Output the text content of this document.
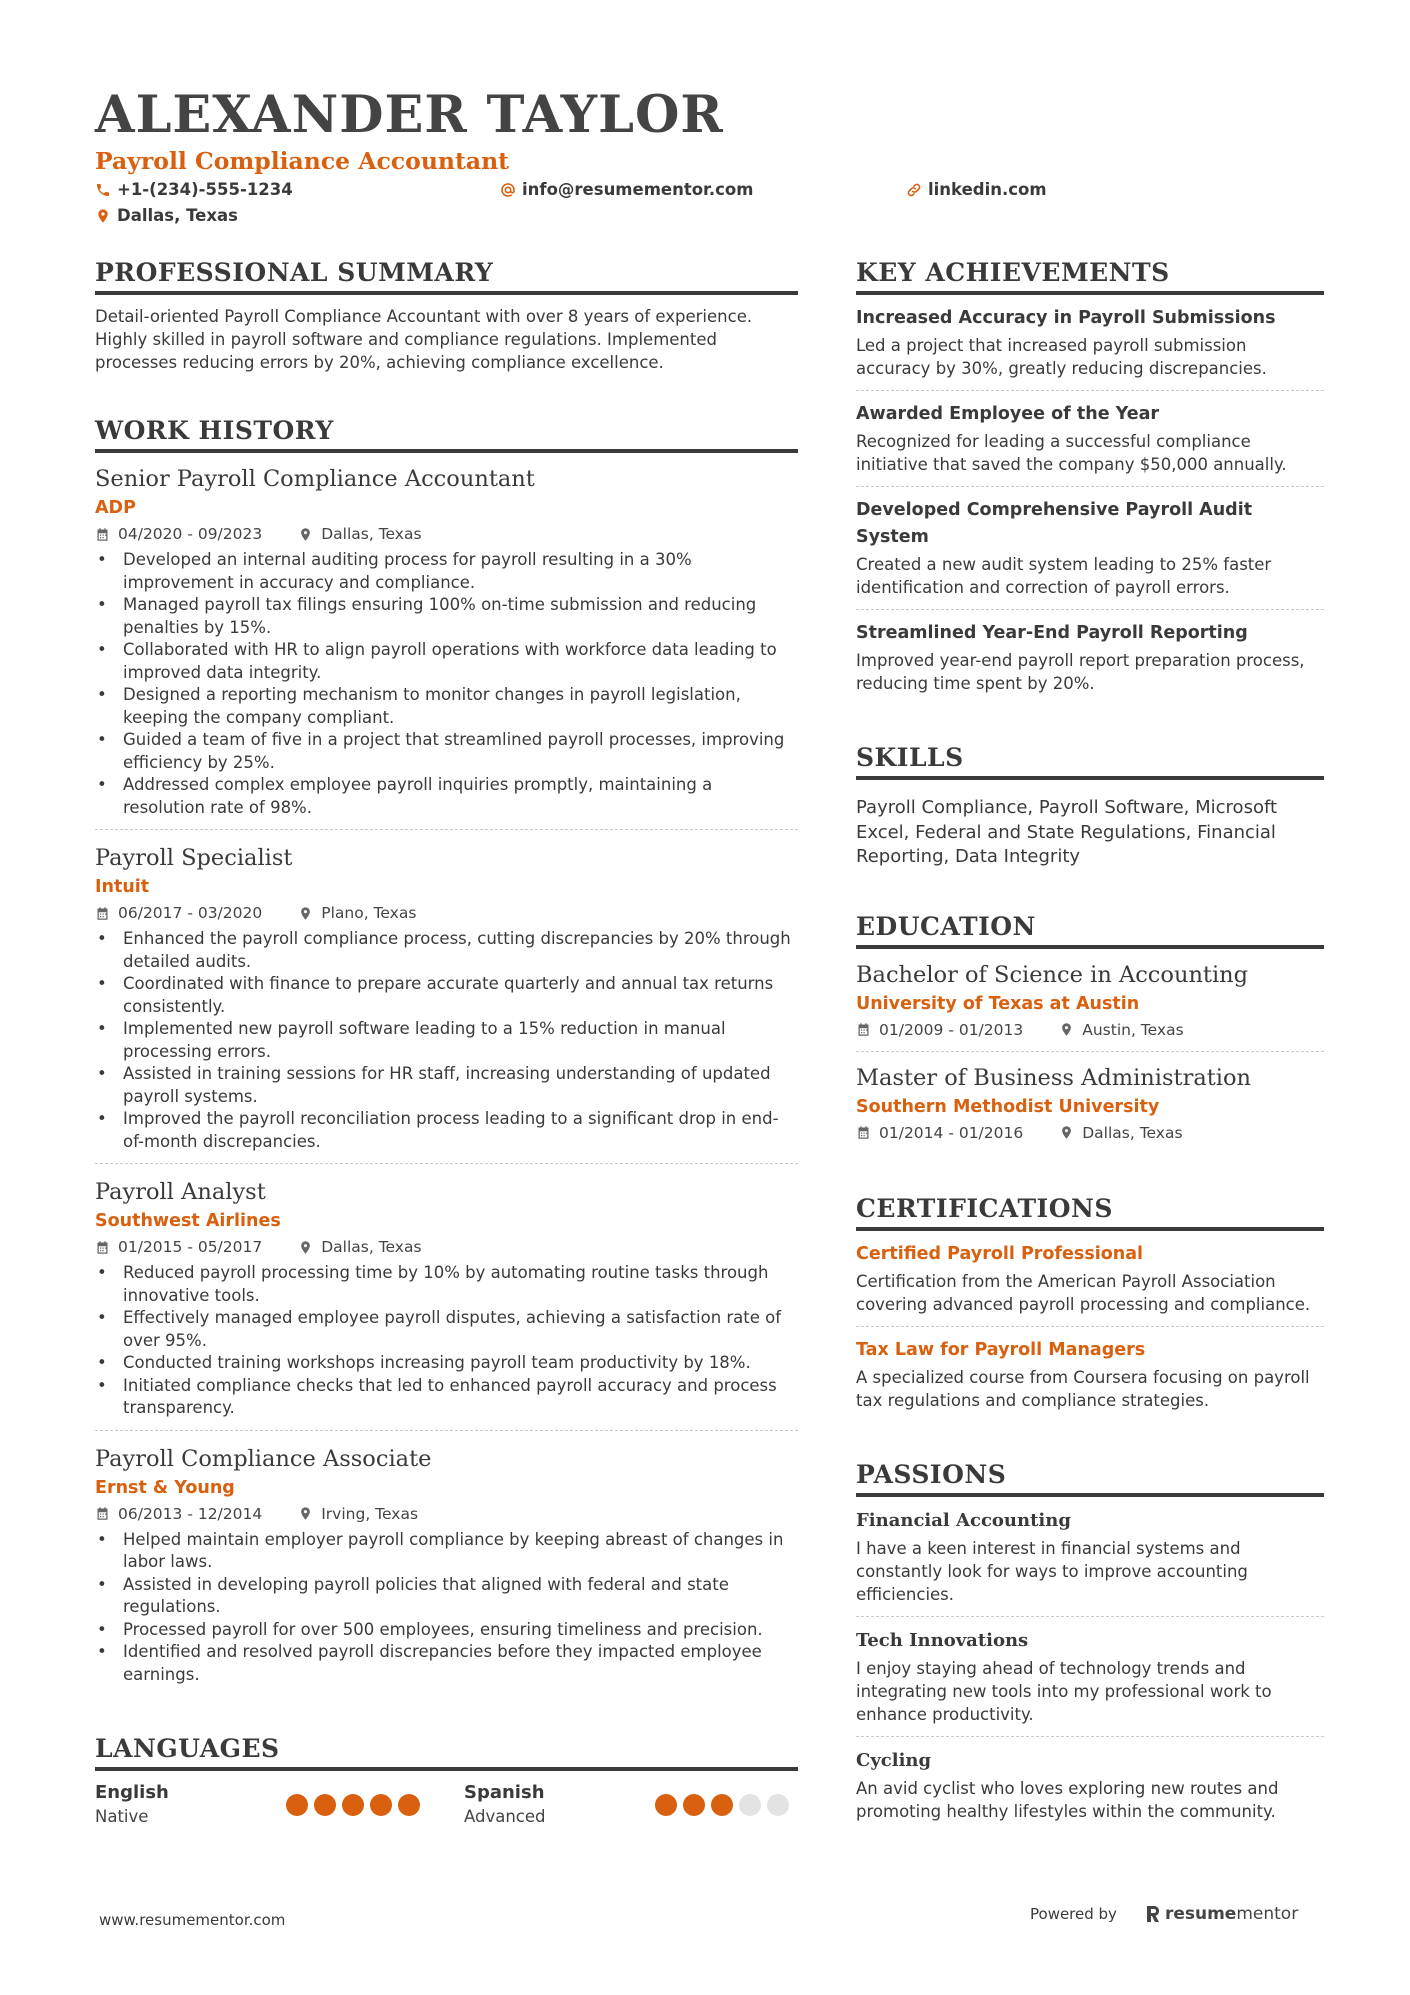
ALEXANDER TAYLOR
Payroll Compliance Accountant
+1-(234)-555-1234	info@resumementor.com	linkedin.com
Dallas, Texas
PROFESSIONAL SUMMARY
Detail-oriented Payroll Compliance Accountant with over 8 years of experience. Highly skilled in payroll software and compliance regulations. Implemented processes reducing errors by 20%, achieving compliance excellence.
WORK HISTORY
Senior Payroll Compliance Accountant
ADP
04/2020 - 09/2023	Dallas, Texas
• Developed an internal auditing process for payroll resulting in a 30% improvement in accuracy and compliance.
• Managed payroll tax filings ensuring 100% on-time submission and reducing penalties by 15%.
• Collaborated with HR to align payroll operations with workforce data leading to improved data integrity.
• Designed a reporting mechanism to monitor changes in payroll legislation, keeping the company compliant.
• Guided a team of five in a project that streamlined payroll processes, improving efficiency by 25%.
• Addressed complex employee payroll inquiries promptly, maintaining a resolution rate of 98%.
Payroll Specialist
Intuit
06/2017 - 03/2020	Plano, Texas
• Enhanced the payroll compliance process, cutting discrepancies by 20% through detailed audits.
• Coordinated with finance to prepare accurate quarterly and annual tax returns consistently.
• Implemented new payroll software leading to a 15% reduction in manual processing errors.
• Assisted in training sessions for HR staff, increasing understanding of updated payroll systems.
• Improved the payroll reconciliation process leading to a significant drop in end-of-month discrepancies.
Payroll Analyst
Southwest Airlines
01/2015 - 05/2017	Dallas, Texas
• Reduced payroll processing time by 10% by automating routine tasks through innovative tools.
• Effectively managed employee payroll disputes, achieving a satisfaction rate of over 95%.
• Conducted training workshops increasing payroll team productivity by 18%.
• Initiated compliance checks that led to enhanced payroll accuracy and process transparency.
Payroll Compliance Associate
Ernst & Young
06/2013 - 12/2014	Irving, Texas
• Helped maintain employer payroll compliance by keeping abreast of changes in labor laws.
• Assisted in developing payroll policies that aligned with federal and state regulations.
• Processed payroll for over 500 employees, ensuring timeliness and precision.
• Identified and resolved payroll discrepancies before they impacted employee earnings.
LANGUAGES
English
Native
Spanish
Advanced
KEY ACHIEVEMENTS
Increased Accuracy in Payroll Submissions
Led a project that increased payroll submission accuracy by 30%, greatly reducing discrepancies.
Awarded Employee of the Year
Recognized for leading a successful compliance initiative that saved the company $50,000 annually.
Developed Comprehensive Payroll Audit System
Created a new audit system leading to 25% faster identification and correction of payroll errors.
Streamlined Year-End Payroll Reporting
Improved year-end payroll report preparation process, reducing time spent by 20%.
SKILLS
Payroll Compliance, Payroll Software, Microsoft Excel, Federal and State Regulations, Financial Reporting, Data Integrity
EDUCATION
Bachelor of Science in Accounting
University of Texas at Austin
01/2009 - 01/2013	Austin, Texas
Master of Business Administration
Southern Methodist University
01/2014 - 01/2016	Dallas, Texas
CERTIFICATIONS
Certified Payroll Professional
Certification from the American Payroll Association covering advanced payroll processing and compliance.
Tax Law for Payroll Managers
A specialized course from Coursera focusing on payroll tax regulations and compliance strategies.
PASSIONS
Financial Accounting
I have a keen interest in financial systems and constantly look for ways to improve accounting efficiencies.
Tech Innovations
I enjoy staying ahead of technology trends and integrating new tools into my professional work to enhance productivity.
Cycling
An avid cyclist who loves exploring new routes and promoting healthy lifestyles within the community.
www.resumementor.com	Powered by	resume mentor
